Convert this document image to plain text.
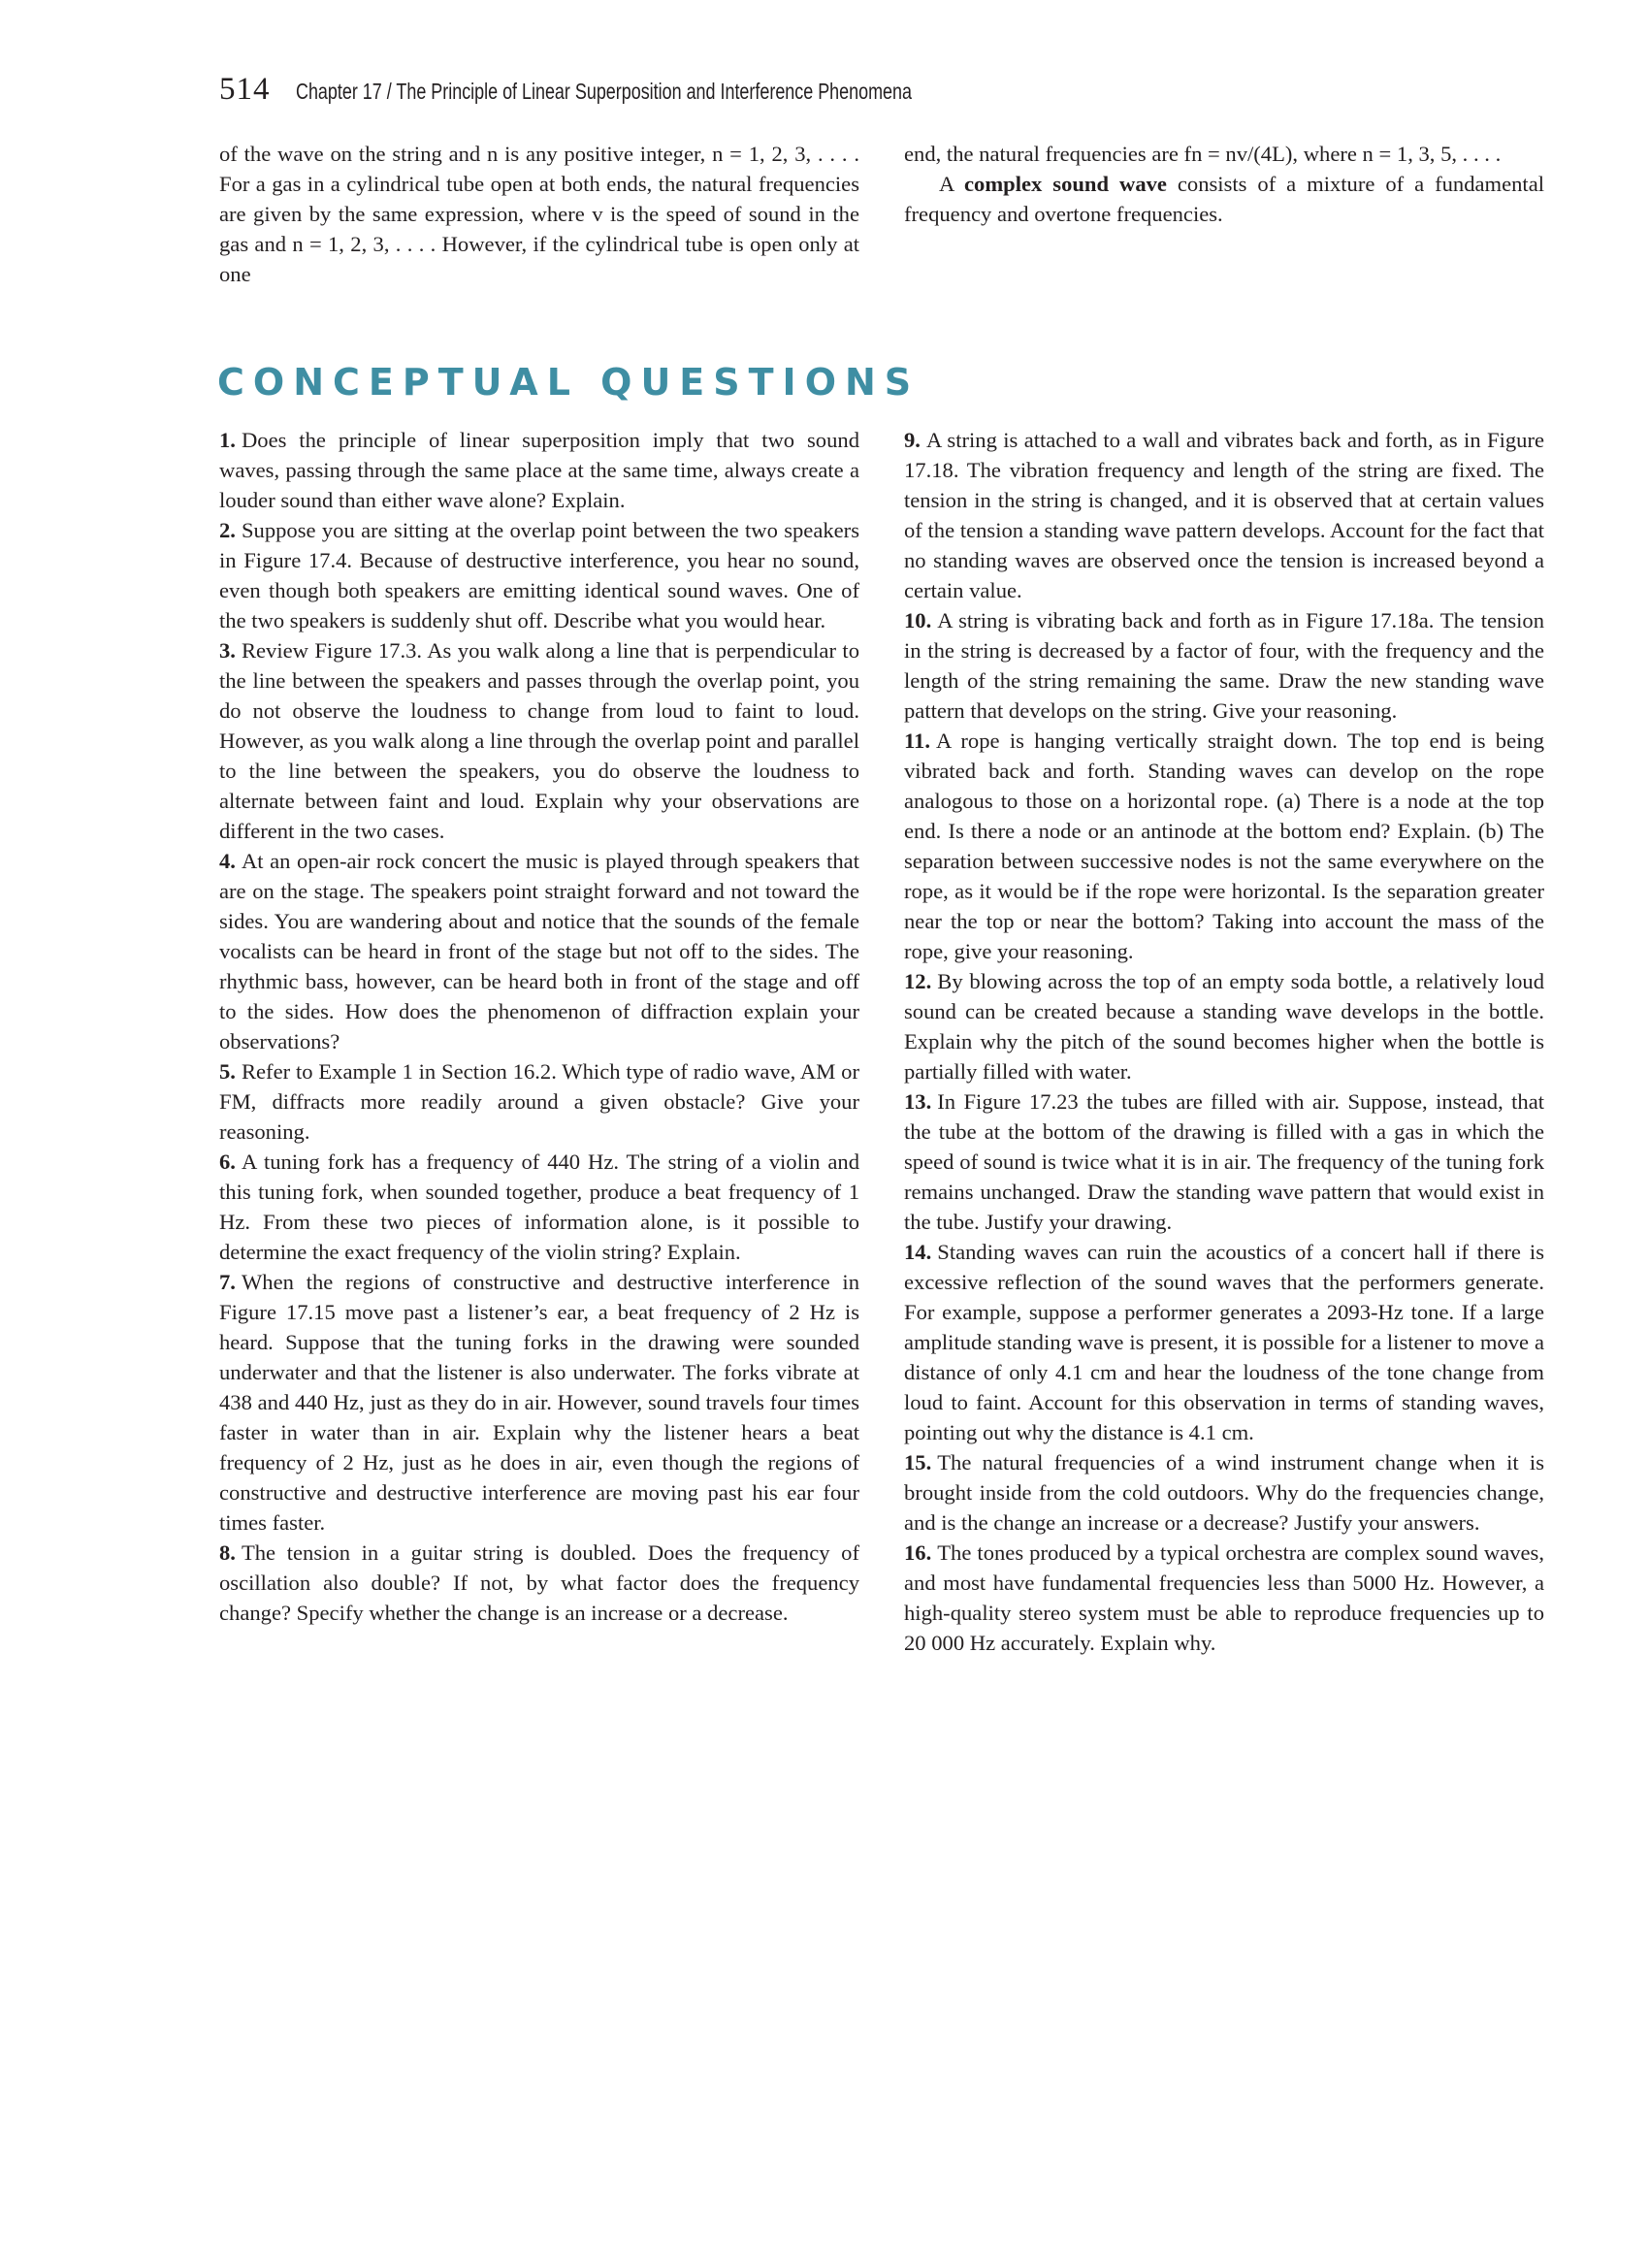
514 Chapter 17 / The Principle of Linear Superposition and Interference Phenomena

of the wave on the string and n is any positive integer, n = 1, 2, 3, . . . . For a gas in a cylindrical tube open at both ends, the natural frequencies are given by the same expression, where v is the speed of sound in the gas and n = 1, 2, 3, . . . . However, if the cylindrical tube is open only at one

end, the natural frequencies are fn = nv/(4L), where n = 1, 3, 5, . . . .

A complex sound wave consists of a mixture of a fundamental frequency and overtone frequencies.

CONCEPTUAL QUESTIONS

1. Does the principle of linear superposition imply that two sound waves, passing through the same place at the same time, always create a louder sound than either wave alone? Explain.

2. Suppose you are sitting at the overlap point between the two speakers in Figure 17.4. Because of destructive interference, you hear no sound, even though both speakers are emitting identical sound waves. One of the two speakers is suddenly shut off. Describe what you would hear.

3. Review Figure 17.3. As you walk along a line that is perpendicular to the line between the speakers and passes through the overlap point, you do not observe the loudness to change from loud to faint to loud. However, as you walk along a line through the overlap point and parallel to the line between the speakers, you do observe the loudness to alternate between faint and loud. Explain why your observations are different in the two cases.

4. At an open-air rock concert the music is played through speakers that are on the stage. The speakers point straight forward and not toward the sides. You are wandering about and notice that the sounds of the female vocalists can be heard in front of the stage but not off to the sides. The rhythmic bass, however, can be heard both in front of the stage and off to the sides. How does the phenomenon of diffraction explain your observations?

5. Refer to Example 1 in Section 16.2. Which type of radio wave, AM or FM, diffracts more readily around a given obstacle? Give your reasoning.

6. A tuning fork has a frequency of 440 Hz. The string of a violin and this tuning fork, when sounded together, produce a beat frequency of 1 Hz. From these two pieces of information alone, is it possible to determine the exact frequency of the violin string? Explain.

7. When the regions of constructive and destructive interference in Figure 17.15 move past a listener’s ear, a beat frequency of 2 Hz is heard. Suppose that the tuning forks in the drawing were sounded underwater and that the listener is also underwater. The forks vibrate at 438 and 440 Hz, just as they do in air. However, sound travels four times faster in water than in air. Explain why the listener hears a beat frequency of 2 Hz, just as he does in air, even though the regions of constructive and destructive interference are moving past his ear four times faster.

8. The tension in a guitar string is doubled. Does the frequency of oscillation also double? If not, by what factor does the frequency change? Specify whether the change is an increase or a decrease.

9. A string is attached to a wall and vibrates back and forth, as in Figure 17.18. The vibration frequency and length of the string are fixed. The tension in the string is changed, and it is observed that at certain values of the tension a standing wave pattern develops. Account for the fact that no standing waves are observed once the tension is increased beyond a certain value.

10. A string is vibrating back and forth as in Figure 17.18a. The tension in the string is decreased by a factor of four, with the frequency and the length of the string remaining the same. Draw the new standing wave pattern that develops on the string. Give your reasoning.

11. A rope is hanging vertically straight down. The top end is being vibrated back and forth. Standing waves can develop on the rope analogous to those on a horizontal rope. (a) There is a node at the top end. Is there a node or an antinode at the bottom end? Explain. (b) The separation between successive nodes is not the same everywhere on the rope, as it would be if the rope were horizontal. Is the separation greater near the top or near the bottom? Taking into account the mass of the rope, give your reasoning.

12. By blowing across the top of an empty soda bottle, a relatively loud sound can be created because a standing wave develops in the bottle. Explain why the pitch of the sound becomes higher when the bottle is partially filled with water.

13. In Figure 17.23 the tubes are filled with air. Suppose, instead, that the tube at the bottom of the drawing is filled with a gas in which the speed of sound is twice what it is in air. The frequency of the tuning fork remains unchanged. Draw the standing wave pattern that would exist in the tube. Justify your drawing.

14. Standing waves can ruin the acoustics of a concert hall if there is excessive reflection of the sound waves that the performers generate. For example, suppose a performer generates a 2093-Hz tone. If a large amplitude standing wave is present, it is possible for a listener to move a distance of only 4.1 cm and hear the loudness of the tone change from loud to faint. Account for this observation in terms of standing waves, pointing out why the distance is 4.1 cm.

15. The natural frequencies of a wind instrument change when it is brought inside from the cold outdoors. Why do the frequencies change, and is the change an increase or a decrease? Justify your answers.

16. The tones produced by a typical orchestra are complex sound waves, and most have fundamental frequencies less than 5000 Hz. However, a high-quality stereo system must be able to reproduce frequencies up to 20 000 Hz accurately. Explain why.
